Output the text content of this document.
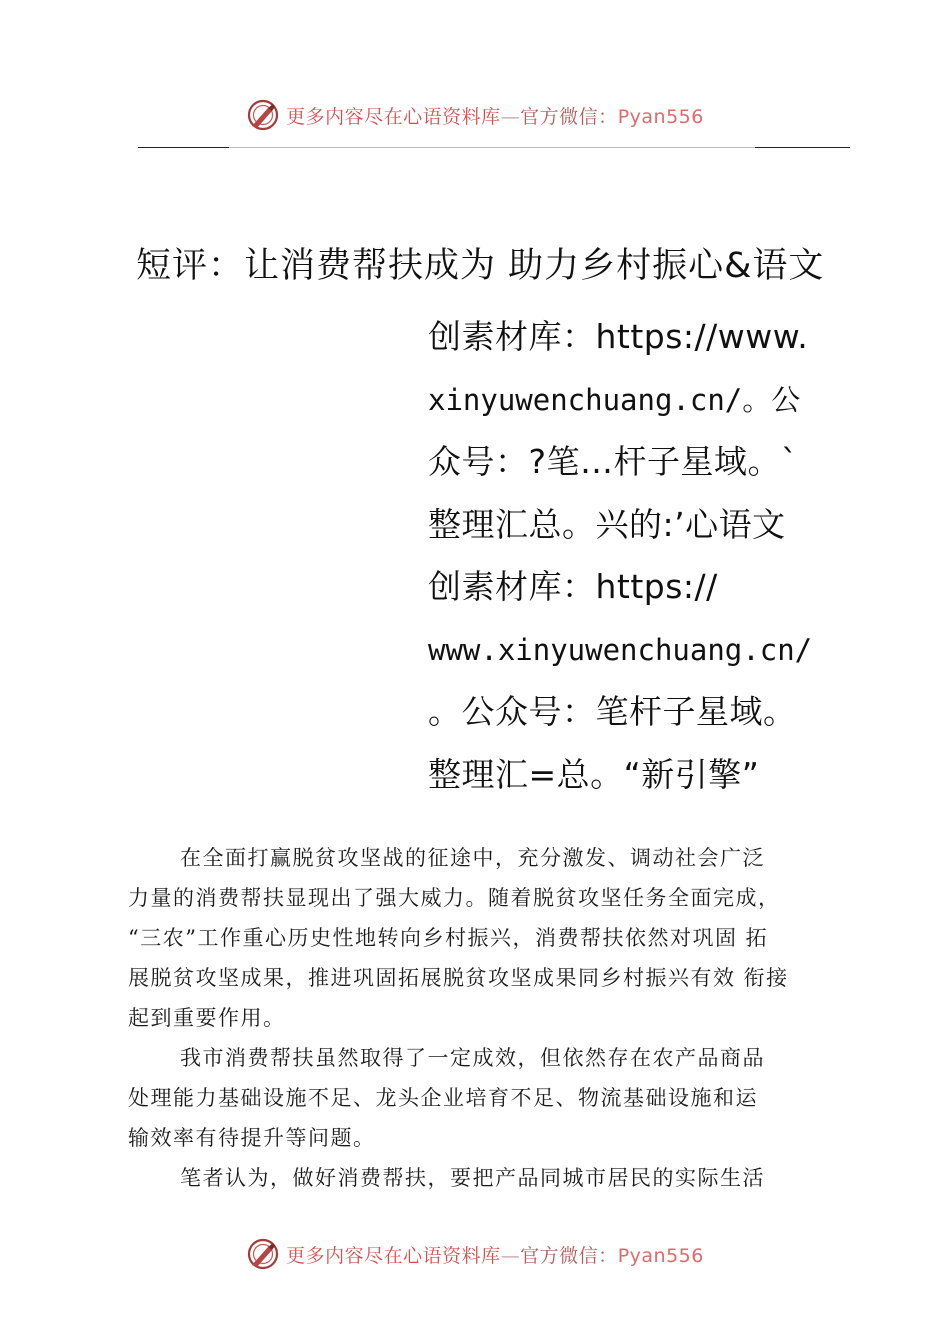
更多内容尽在心语资料库—官方微信：Pyan556
短评：让消费帮扶成为 助力乡村振心&语文
创素材库：https://www.
xinyuwenchuang.cn/。公
众号：?笔…杆子星域。`
整理汇总。兴的:’心语文
创素材库：https://
www.xinyuwenchuang.cn/
。公众号：笔杆子星域。
整理汇=总。“新引擎”
在全面打赢脱贫攻坚战的征途中，充分激发、调动社会广泛
力量的消费帮扶显现出了强大威力。随着脱贫攻坚任务全面完成，
“三农”工作重心历史性地转向乡村振兴，消费帮扶依然对巩固 拓
展脱贫攻坚成果，推进巩固拓展脱贫攻坚成果同乡村振兴有效 衔接
起到重要作用。
我市消费帮扶虽然取得了一定成效，但依然存在农产品商品
处理能力基础设施不足、龙头企业培育不足、物流基础设施和运
输效率有待提升等问题。
笔者认为，做好消费帮扶，要把产品同城市居民的实际生活
更多内容尽在心语资料库—官方微信：Pyan556
